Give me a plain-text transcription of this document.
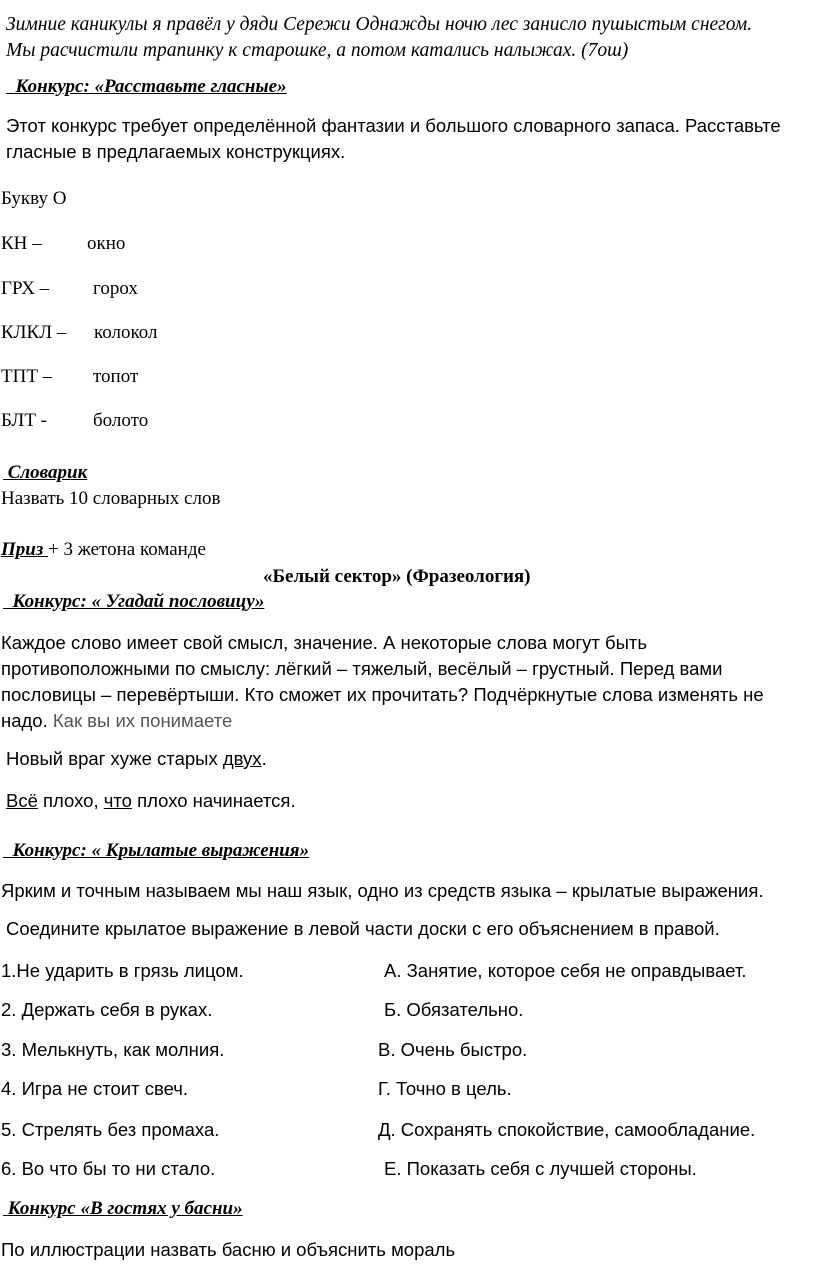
Зимние каникулы я правёл у дяди Сережи Однажды ночю лес занисло пушыстым снегом.
Мы расчистили трапинку к старошке, а потом катались налыжах. (7ош)
Конкурс: «Расставьте гласные»
Этот конкурс требует определённой фантазии и большого словарного запаса. Расставьте
гласные в предлагаемых конструкциях.
Букву О
КН – окно
ГРХ – горох
КЛКЛ – колокол
ТПТ – топот
БЛТ - болото
Словарик
Назвать 10 словарных слов
Приз + 3 жетона команде
«Белый сектор» (Фразеология)
Конкурс: « Угадай пословицу»
Каждое слово имеет свой смысл, значение. А некоторые слова могут быть
противоположными по смыслу: лёгкий – тяжелый, весёлый – грустный. Перед вами
пословицы – перевёртыши. Кто сможет их прочитать? Подчёркнутые слова изменять не
надо. Как вы их понимаете
Новый враг хуже старых двух.
Всё плохо, что плохо начинается.
Конкурс: « Крылатые выражения»
Ярким и точным называем мы наш язык, одно из средств языка – крылатые выражения.
Соедините крылатое выражение в левой части доски с его объяснением в правой.
1.Не ударить в грязь лицом.	А. Занятие, которое себя не оправдывает.
2. Держать себя в руках.	Б. Обязательно.
3. Мелькнуть, как молния.	В. Очень быстро.
4. Игра не стоит свеч.	Г. Точно в цель.
5. Стрелять без промаха.	Д. Сохранять спокойствие, самообладание.
6. Во что бы то ни стало.	Е. Показать себя с лучшей стороны.
Конкурс «В гостях у басни»
По иллюстрации назвать басню и объяснить мораль
